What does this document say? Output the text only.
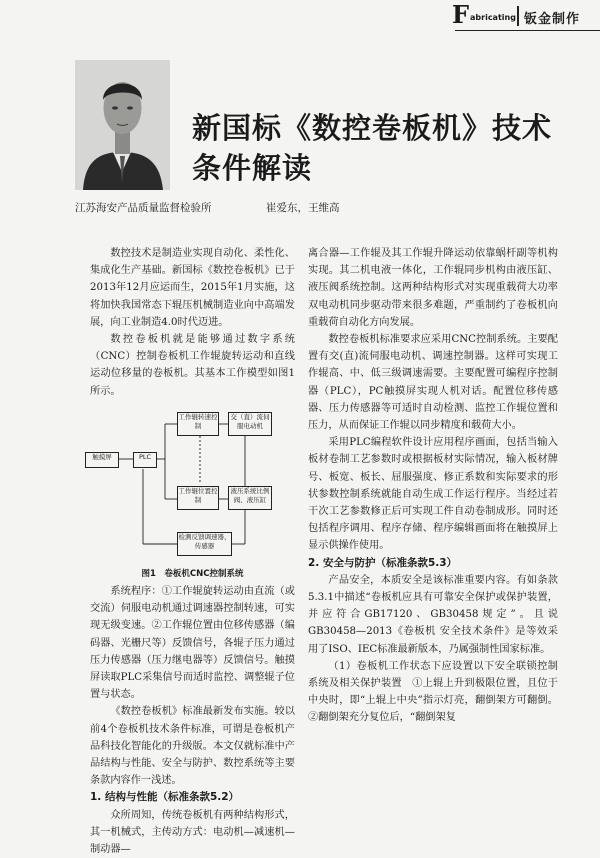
F abricating 钣金制作
新国标《数控卷板机》技术
条件解读
江苏海安产品质量监督检验所	崔爱东，王维高

数控技术是制造业实现自动化、柔性化、集成化生产基础。新国标《数控卷板机》已于2013年12月应运而生，2015年1月实施，这将加快我国常态下辊压机械制造业向中高端发展，向工业制造4.0时代迈进。

数控卷板机就是能够通过数字系统（CNC）控制卷板机工作辊旋转运动和直线运动位移量的卷板机。其基本工作模型如图1所示。

触摸屏	PLC
工作辊转速控制
交（直）流伺服电动机
工作辊位置控制
液压系统比例阀、液压缸
检测反馈调速器、传感器

图1　卷板机CNC控制系统

系统程序：①工作辊旋转运动由直流（或交流）伺服电动机通过调速器控制转速，可实现无级变速。②工作辊位置由位移传感器（编码器、光栅尺等）反馈信号，各辊子压力通过压力传感器（压力继电器等）反馈信号。触摸屏读取PLC采集信号而适时监控、调整辊子位置与状态。

《数控卷板机》标准最新发布实施。较以前4个卷板机技术条件标准，可谓是卷板机产品科技化智能化的升级版。本文仅就标准中产品结构与性能、安全与防护、数控系统等主要条款内容作一浅述。

1. 结构与性能（标准条款5.2）

众所周知，传统卷板机有两种结构形式，其一机械式，主传动方式：电动机—减速机—制动器—

离合器—工作辊及其工作辊升降运动依靠蜗杆副等机构实现。其二机电液一体化，工作辊同步机构由液压缸、液压阀系统控制。这两种结构形式对实现重载荷大功率双电动机同步驱动带来很多难题，严重制约了卷板机向重载荷自动化方向发展。

数控卷板机标准要求应采用CNC控制系统。主要配置有交(直)流伺服电动机、调速控制器。这样可实现工作辊高、中、低三级调速需要。主要配置可编程序控制器（PLC），PC触摸屏实现人机对话。配置位移传感器、压力传感器等可适时自动检测、监控工作辊位置和压力，从而保证工作辊以同步精度和载荷大小。

采用PLC编程软件设计应用程序画面，包括当输入板材卷制工艺参数时或根据板材实际情况，输入板材牌号、板宽、板长、屈服强度、修正系数和实际要求的形状参数控制系统就能自动生成工作运行程序。当经过若干次工艺参数修正后可实现工件自动卷制成形。同时还包括程序调用、程序存储、程序编辑画面将在触摸屏上显示供操作使用。

2. 安全与防护（标准条款5.3）

产品安全，本质安全是该标准重要内容。有如条款5.3.1中描述“卷板机应具有可靠安全保护或保护装置，并应符合GB17120、GB30458规定”。且说GB30458—2013《卷板机 安全技术条件》是等效采用了ISO、IEC标准最新版本，乃属强制性国家标准。

（1）卷板机工作状态下应设置以下安全联锁控制系统及相关保护装置　①上辊上升到极限位置，且位于中央时，即“上辊上中央”指示灯亮，翻倒架方可翻倒。②翻倒架充分复位后，“翻倒架复
